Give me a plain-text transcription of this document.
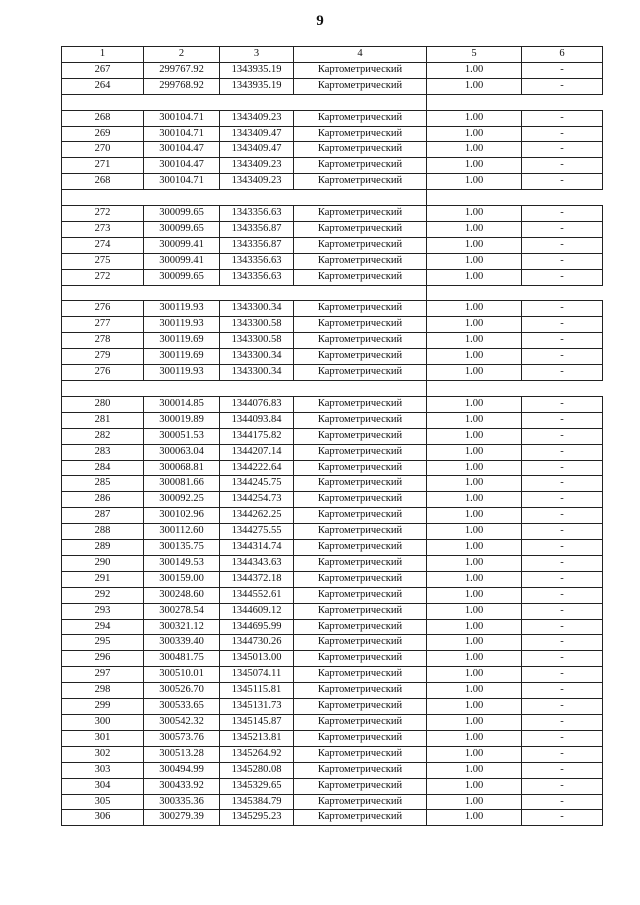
9
1	2	3	4	5	6
267	299767.92	1343935.19	Картометрический	1.00	-
264	299768.92	1343935.19	Картометрический	1.00	-

268	300104.71	1343409.23	Картометрический	1.00	-
269	300104.71	1343409.47	Картометрический	1.00	-
270	300104.47	1343409.47	Картометрический	1.00	-
271	300104.47	1343409.23	Картометрический	1.00	-
268	300104.71	1343409.23	Картометрический	1.00	-

272	300099.65	1343356.63	Картометрический	1.00	-
273	300099.65	1343356.87	Картометрический	1.00	-
274	300099.41	1343356.87	Картометрический	1.00	-
275	300099.41	1343356.63	Картометрический	1.00	-
272	300099.65	1343356.63	Картометрический	1.00	-

276	300119.93	1343300.34	Картометрический	1.00	-
277	300119.93	1343300.58	Картометрический	1.00	-
278	300119.69	1343300.58	Картометрический	1.00	-
279	300119.69	1343300.34	Картометрический	1.00	-
276	300119.93	1343300.34	Картометрический	1.00	-

280	300014.85	1344076.83	Картометрический	1.00	-
281	300019.89	1344093.84	Картометрический	1.00	-
282	300051.53	1344175.82	Картометрический	1.00	-
283	300063.04	1344207.14	Картометрический	1.00	-
284	300068.81	1344222.64	Картометрический	1.00	-
285	300081.66	1344245.75	Картометрический	1.00	-
286	300092.25	1344254.73	Картометрический	1.00	-
287	300102.96	1344262.25	Картометрический	1.00	-
288	300112.60	1344275.55	Картометрический	1.00	-
289	300135.75	1344314.74	Картометрический	1.00	-
290	300149.53	1344343.63	Картометрический	1.00	-
291	300159.00	1344372.18	Картометрический	1.00	-
292	300248.60	1344552.61	Картометрический	1.00	-
293	300278.54	1344609.12	Картометрический	1.00	-
294	300321.12	1344695.99	Картометрический	1.00	-
295	300339.40	1344730.26	Картометрический	1.00	-
296	300481.75	1345013.00	Картометрический	1.00	-
297	300510.01	1345074.11	Картометрический	1.00	-
298	300526.70	1345115.81	Картометрический	1.00	-
299	300533.65	1345131.73	Картометрический	1.00	-
300	300542.32	1345145.87	Картометрический	1.00	-
301	300573.76	1345213.81	Картометрический	1.00	-
302	300513.28	1345264.92	Картометрический	1.00	-
303	300494.99	1345280.08	Картометрический	1.00	-
304	300433.92	1345329.65	Картометрический	1.00	-
305	300335.36	1345384.79	Картометрический	1.00	-
306	300279.39	1345295.23	Картометрический	1.00	-
